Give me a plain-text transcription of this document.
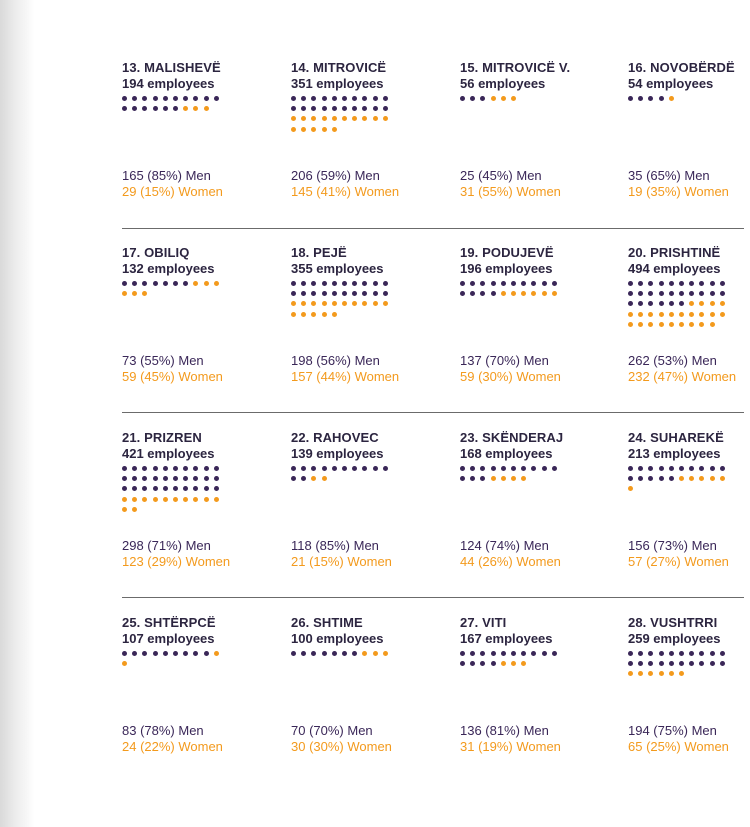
13. MALISHEVË
194 employees
165 (85%) Men
29 (15%) Women
14. MITROVICË
351 employees
206 (59%) Men
145 (41%) Women
15. MITROVICË V.
56 employees
25 (45%) Men
31 (55%) Women
16. NOVOBËRDË
54 employees
35 (65%) Men
19 (35%) Women
17. OBILIQ
132 employees
73 (55%) Men
59 (45%) Women
18. PEJË
355 employees
198 (56%) Men
157 (44%) Women
19. PODUJEVË
196 employees
137 (70%) Men
59 (30%) Women
20. PRISHTINË
494 employees
262 (53%) Men
232 (47%) Women
21. PRIZREN
421 employees
298 (71%) Men
123 (29%) Women
22. RAHOVEC
139 employees
118 (85%) Men
21 (15%) Women
23. SKËNDERAJ
168 employees
124 (74%) Men
44 (26%) Women
24. SUHAREKË
213 employees
156 (73%) Men
57 (27%) Women
25. SHTËRPCË
107 employees
83 (78%) Men
24 (22%) Women
26. SHTIME
100 employees
70 (70%) Men
30 (30%) Women
27. VITI
167 employees
136 (81%) Men
31 (19%) Women
28. VUSHTRRI
259 employees
194 (75%) Men
65 (25%) Women
